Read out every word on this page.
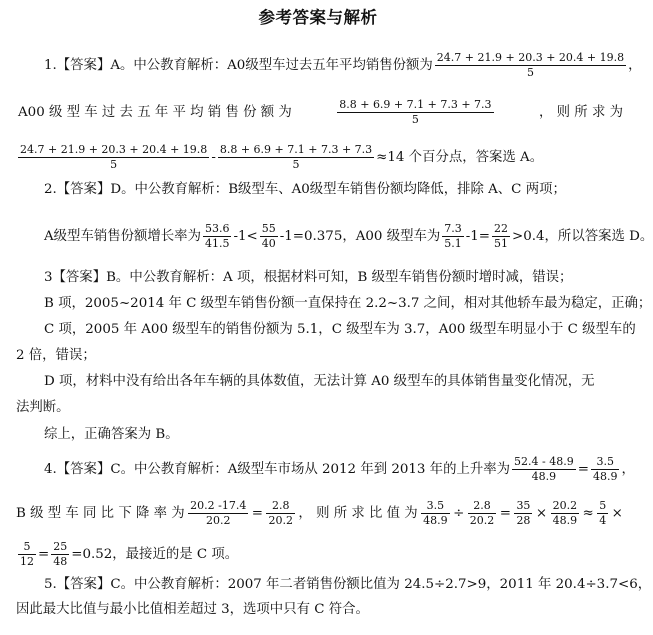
参考答案与解析
1.【答案】A。中公教育解析：A0级型车过去五年平均销售份额为 $\frac{24.7 + 21.9 + 20.3 + 20.4 + 19.8}{5}$ ，
A00 级 型 车 过 去 五 年 平 均 销 售 份 额 为	$\frac{8.8 + 6.9 + 7.1 + 7.3 + 7.3}{5}$	， 则 所 求 为
$\frac{24.7 + 21.9 + 20.3 + 20.4 + 19.8}{5} - \frac{8.8 + 6.9 + 7.1 + 7.3 + 7.3}{5} \approx 14$ 个百分点，答案选 A。
2.【答案】D。中公教育解析：B级型车、A0级型车销售份额均降低，排除 A、C 两项；
A级型车销售份额增长率为 $\frac{53.6}{41.5} -1< \frac{55}{40} -1=0.375$，A00 级型车为 $\frac{7.3}{5.1} -1= \frac{22}{51} >0.4$，所以答案选 D。
3【答案】B。中公教育解析：A 项，根据材料可知，B 级型车销售份额时增时减，错误；
B 项，2005~2014 年 C 级型车销售份额一直保持在 2.2~3.7 之间，相对其他轿车最为稳定，正确；
C 项，2005 年 A00 级型车的销售份额为 5.1，C 级型车为 3.7，A00 级型车明显小于 C 级型车的
2 倍，错误；
D 项，材料中没有给出各年车辆的具体数值，无法计算 A0 级型车的具体销售量变化情况，无
法判断。
综上，正确答案为 B。
4.【答案】C。中公教育解析：A级型车市场从 2012 年到 2013 年的上升率为 $\frac{52.4 - 48.9}{48.9} = \frac{3.5}{48.9}$ ，
B 级 型 车 同 比 下 降 率 为 $\frac{20.2 -17.4}{20.2} = \frac{2.8}{20.2}$ ， 则 所 求 比 值 为 $\frac{3.5}{48.9} \div \frac{2.8}{20.2} = \frac{35}{28} \times \frac{20.2}{48.9} \approx \frac{5}{4}$ ×
$\frac{5}{12} = \frac{25}{48} =0.52$，最接近的是 C 项。
5.【答案】C。中公教育解析：2007 年二者销售份额比值为 24.5÷2.7>9，2011 年 20.4÷3.7<6，
因此最大比值与最小比值相差超过 3，选项中只有 C 符合。
